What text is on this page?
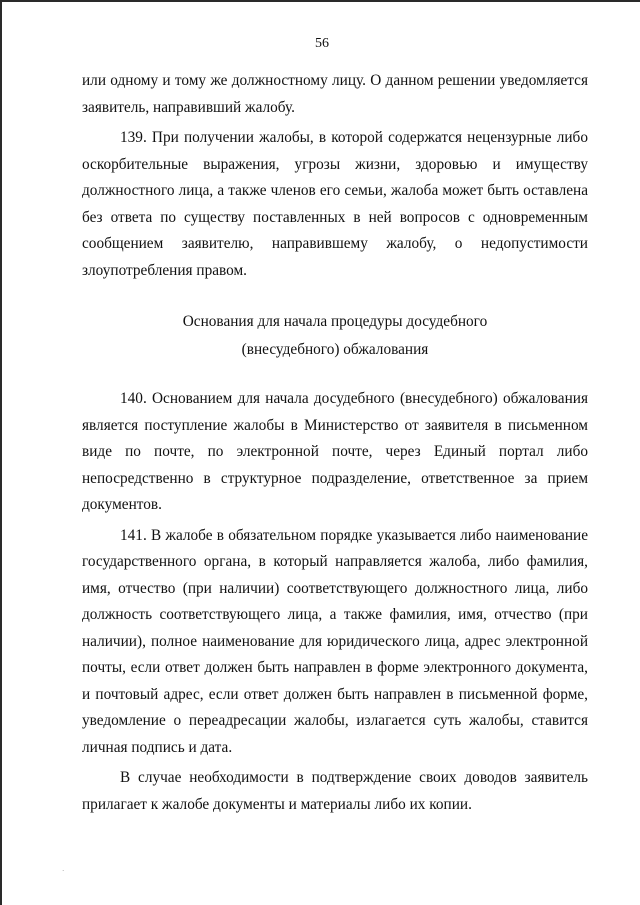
56

или одному и тому же должностному лицу. О данном решении уведомляется

заявитель, направивший жалобу.

139. При получении жалобы, в которой содержатся нецензурные либо оскорбительные выражения, угрозы жизни, здоровью и имуществу должностного лица, а также членов его семьи, жалоба может быть оставлена без ответа по существу поставленных в ней вопросов с одновременным сообщением заявителю, направившему жалобу, о недопустимости злоупотребления правом.

Основания для начала процедуры досудебного

(внесудебного) обжалования

140. Основанием для начала досудебного (внесудебного) обжалования является поступление жалобы в Министерство от заявителя в письменном виде по почте, по электронной почте, через Единый портал либо непосредственно в структурное подразделение, ответственное за прием документов.

141. В жалобе в обязательном порядке указывается либо наименование государственного органа, в который направляется жалоба, либо фамилия, имя, отчество (при наличии) соответствующего должностного лица, либо должность соответствующего лица, а также фамилия, имя, отчество (при наличии), полное наименование для юридического лица, адрес электронной почты, если ответ должен быть направлен в форме электронного документа, и почтовый адрес, если ответ должен быть направлен в письменной форме, уведомление о переадресации жалобы, излагается суть жалобы, ставится личная подпись и дата.

В случае необходимости в подтверждение своих доводов заявитель прилагает к жалобе документы и материалы либо их копии.

·
